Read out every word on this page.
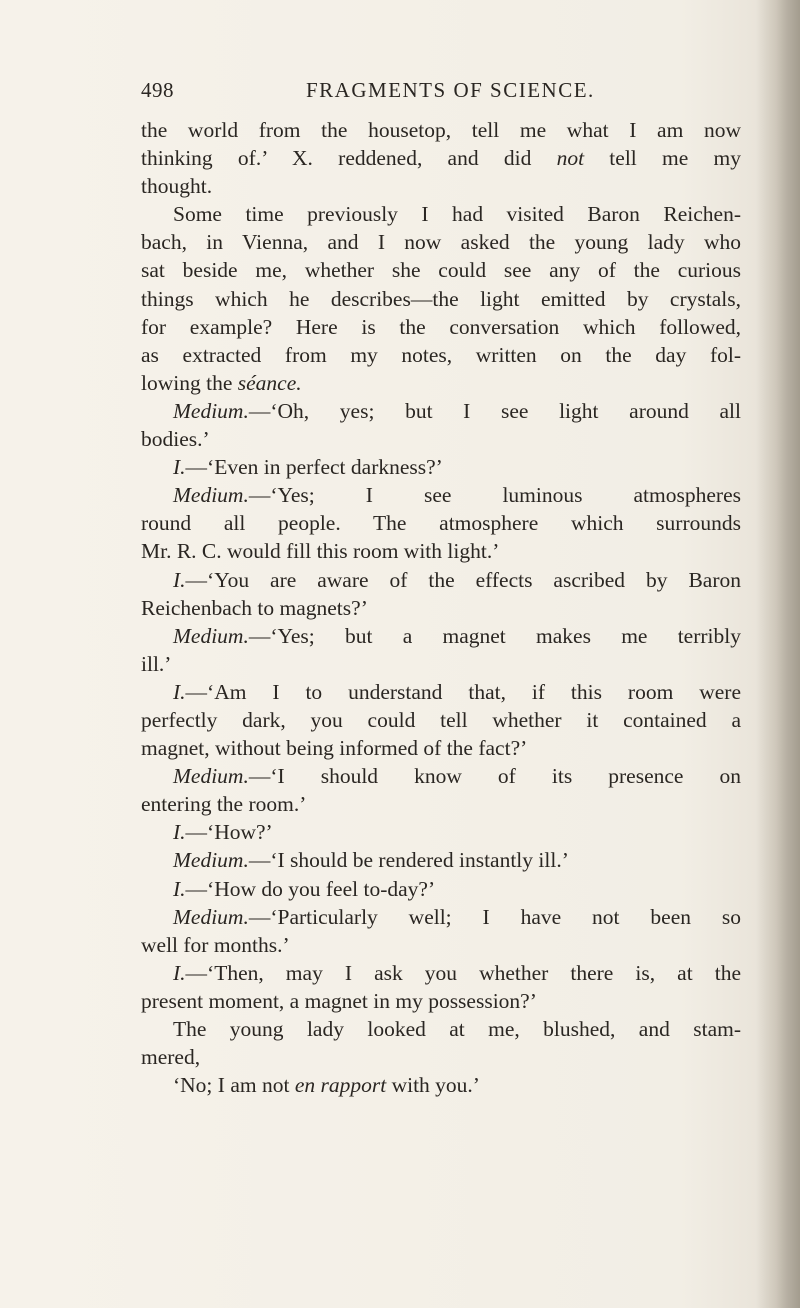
498	FRAGMENTS OF SCIENCE.
the world from the housetop, tell me what I am now
thinking of.’ X. reddened, and did not tell me my
thought.
Some time previously I had visited Baron Reichen-
bach, in Vienna, and I now asked the young lady who
sat beside me, whether she could see any of the curious
things which he describes—the light emitted by crystals,
for example? Here is the conversation which followed,
as extracted from my notes, written on the day fol-
lowing the séance.
Medium.—‘Oh, yes; but I see light around all
bodies.’
I.—‘Even in perfect darkness?’
Medium.—‘Yes; I see luminous atmospheres
round all people. The atmosphere which surrounds
Mr. R. C. would fill this room with light.’
I.—‘You are aware of the effects ascribed by Baron
Reichenbach to magnets?’
Medium.—‘Yes; but a magnet makes me terribly
ill.’
I.—‘Am I to understand that, if this room were
perfectly dark, you could tell whether it contained a
magnet, without being informed of the fact?’
Medium.—‘I should know of its presence on
entering the room.’
I.—‘How?’
Medium.—‘I should be rendered instantly ill.’
I.—‘How do you feel to-day?’
Medium.—‘Particularly well; I have not been so
well for months.’
I.—‘Then, may I ask you whether there is, at the
present moment, a magnet in my possession?’
The young lady looked at me, blushed, and stam-
mered,
‘No; I am not en rapport with you.’
